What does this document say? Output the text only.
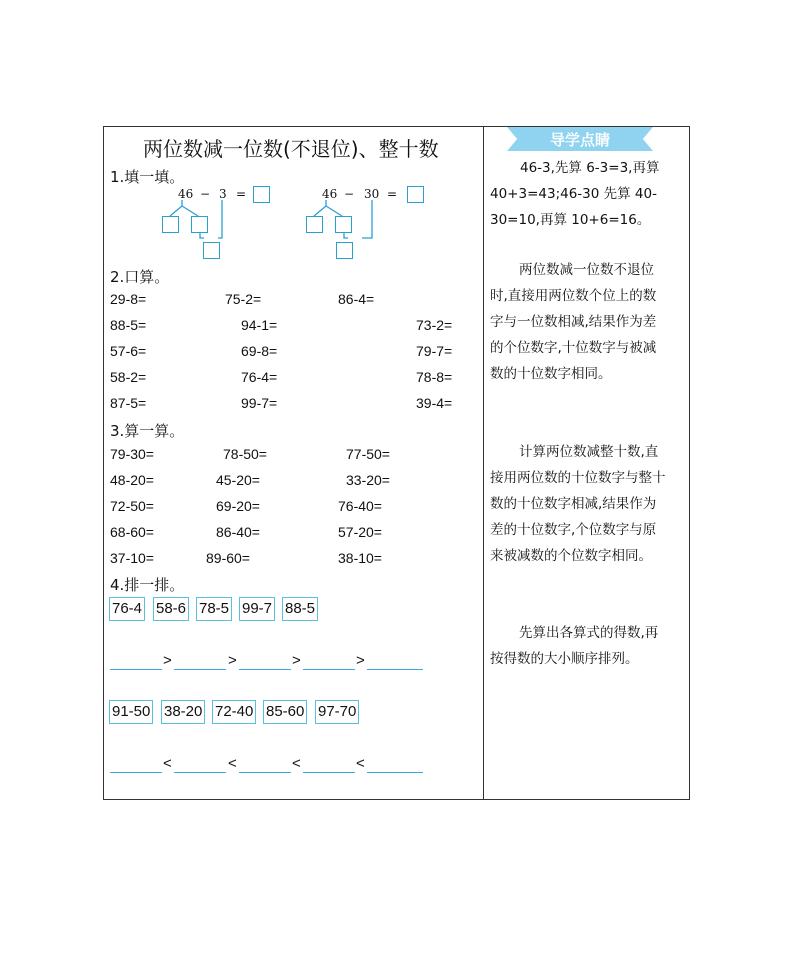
两位数减一位数(不退位)、整十数
1.填一填。
46 − 3 =	46 − 30 =
2.口算。
29-8=	75-2=	86-4=
88-5=	94-1=	73-2=
57-6=	69-8=	79-7=
58-2=	76-4=	78-8=
87-5=	99-7=	39-4=
3.算一算。
79-30=	78-50=	77-50=
48-20=	45-20=	33-20=
72-50=	69-20=	76-40=
68-60=	86-40=	57-20=
37-10=	89-60=	38-10=
4.排一排。
76-4 58-6 78-5 99-7 88-5
>	>	>	>
91-50 38-20 72-40 85-60 97-70
<	<	<	<
导学点睛
46-3,先算 6-3=3,再算
40+3=43;46-30 先算 40-
30=10,再算 10+6=16。
两位数减一位数不退位
时,直接用两位数个位上的数
字与一位数相减,结果作为差
的个位数字,十位数字与被减
数的十位数字相同。
计算两位数减整十数,直
接用两位数的十位数字与整十
数的十位数字相减,结果作为
差的十位数字,个位数字与原
来被减数的个位数字相同。
先算出各算式的得数,再
按得数的大小顺序排列。
